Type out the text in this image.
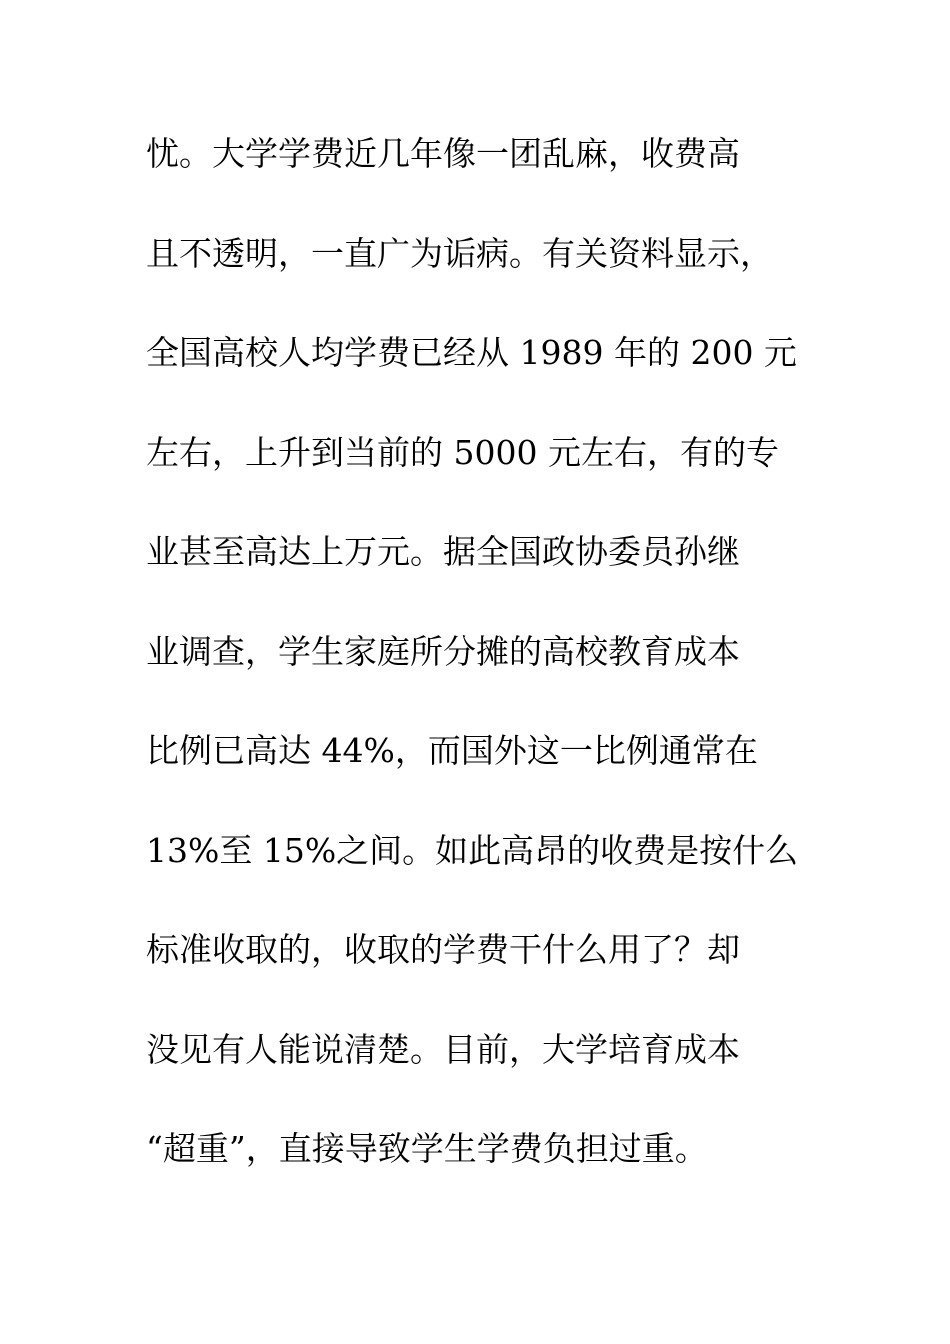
忧。大学学费近几年像一团乱麻，收费高
且不透明，一直广为诟病。有关资料显示，
全国高校人均学费已经从 1989 年的 200 元
左右，上升到当前的 5000 元左右，有的专
业甚至高达上万元。据全国政协委员孙继
业调查，学生家庭所分摊的高校教育成本
比例已高达 44%，而国外这一比例通常在
13%至 15%之间。如此高昂的收费是按什么
标准收取的，收取的学费干什么用了？却
没见有人能说清楚。目前，大学培育成本
“超重”，直接导致学生学费负担过重。
